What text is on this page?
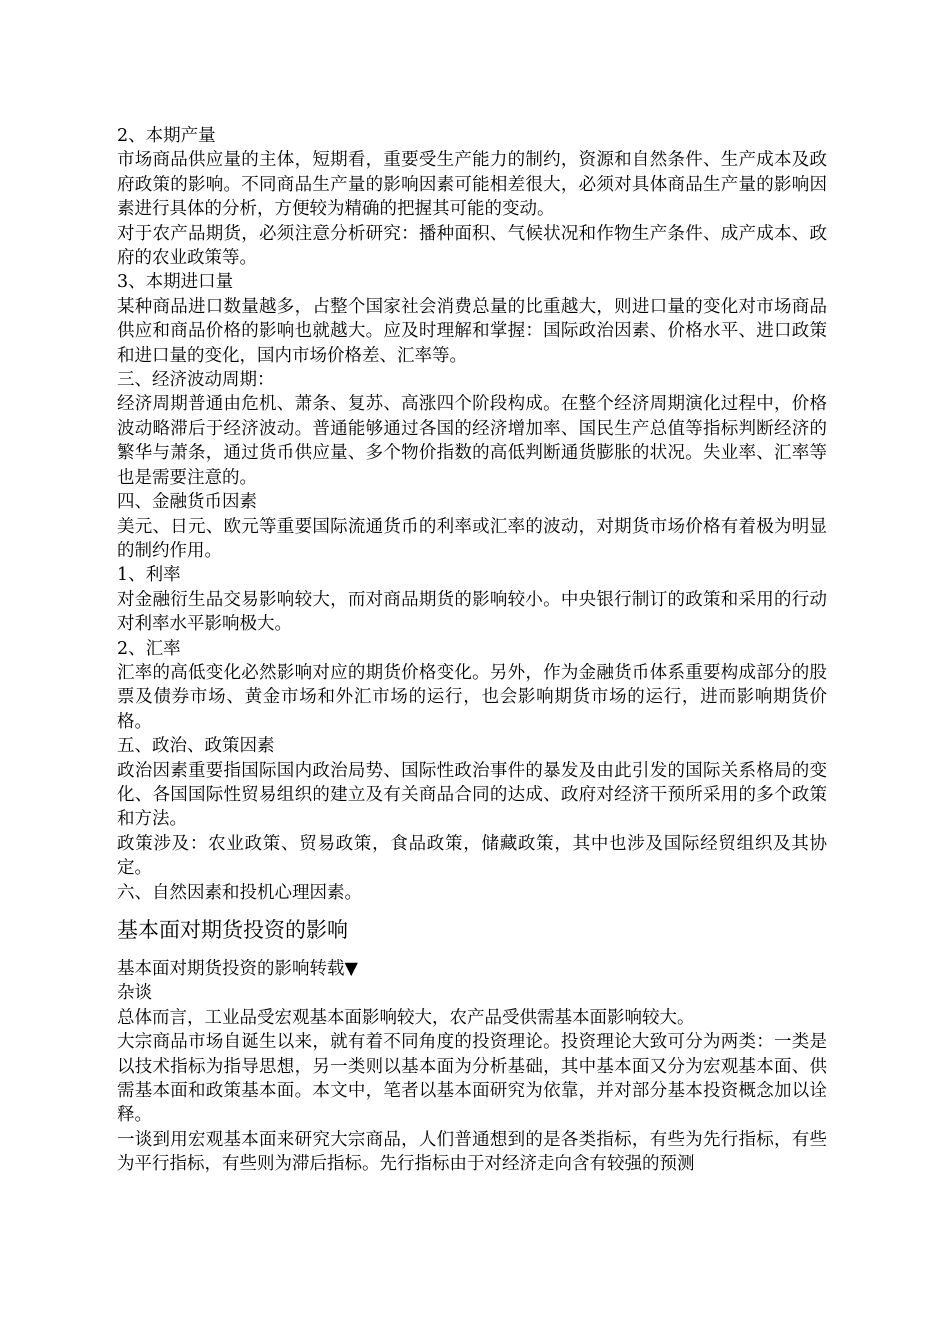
2、本期产量

市场商品供应量的主体，短期看，重要受生产能力的制约，资源和自然条件、生产成本及政府政策的影响。不同商品生产量的影响因素可能相差很大，必须对具体商品生产量的影响因素进行具体的分析，方便较为精确的把握其可能的变动。

对于农产品期货，必须注意分析研究：播种面积、气候状况和作物生产条件、成产成本、政府的农业政策等。

3、本期进口量

某种商品进口数量越多，占整个国家社会消费总量的比重越大，则进口量的变化对市场商品供应和商品价格的影响也就越大。应及时理解和掌握：国际政治因素、价格水平、进口政策和进口量的变化，国内市场价格差、汇率等。

三、经济波动周期：

经济周期普通由危机、萧条、复苏、高涨四个阶段构成。在整个经济周期演化过程中，价格波动略滞后于经济波动。普通能够通过各国的经济增加率、国民生产总值等指标判断经济的繁华与萧条，通过货币供应量、多个物价指数的高低判断通货膨胀的状况。失业率、汇率等也是需要注意的。

四、金融货币因素

美元、日元、欧元等重要国际流通货币的利率或汇率的波动，对期货市场价格有着极为明显的制约作用。

1、利率

对金融衍生品交易影响较大，而对商品期货的影响较小。中央银行制订的政策和采用的行动对利率水平影响极大。

2、汇率

汇率的高低变化必然影响对应的期货价格变化。另外，作为金融货币体系重要构成部分的股票及债券市场、黄金市场和外汇市场的运行，也会影响期货市场的运行，进而影响期货价格。

五、政治、政策因素

政治因素重要指国际国内政治局势、国际性政治事件的暴发及由此引发的国际关系格局的变化、各国国际性贸易组织的建立及有关商品合同的达成、政府对经济干预所采用的多个政策和方法。

政策涉及：农业政策、贸易政策，食品政策，储藏政策，其中也涉及国际经贸组织及其协定。

六、自然因素和投机心理因素。

基本面对期货投资的影响

基本面对期货投资的影响转载▼

杂谈

总体而言，工业品受宏观基本面影响较大，农产品受供需基本面影响较大。

大宗商品市场自诞生以来，就有着不同角度的投资理论。投资理论大致可分为两类：一类是以技术指标为指导思想，另一类则以基本面为分析基础，其中基本面又分为宏观基本面、供需基本面和政策基本面。本文中，笔者以基本面研究为依靠，并对部分基本投资概念加以诠释。

一谈到用宏观基本面来研究大宗商品，人们普通想到的是各类指标，有些为先行指标，有些为平行指标，有些则为滞后指标。先行指标由于对经济走向含有较强的预测
